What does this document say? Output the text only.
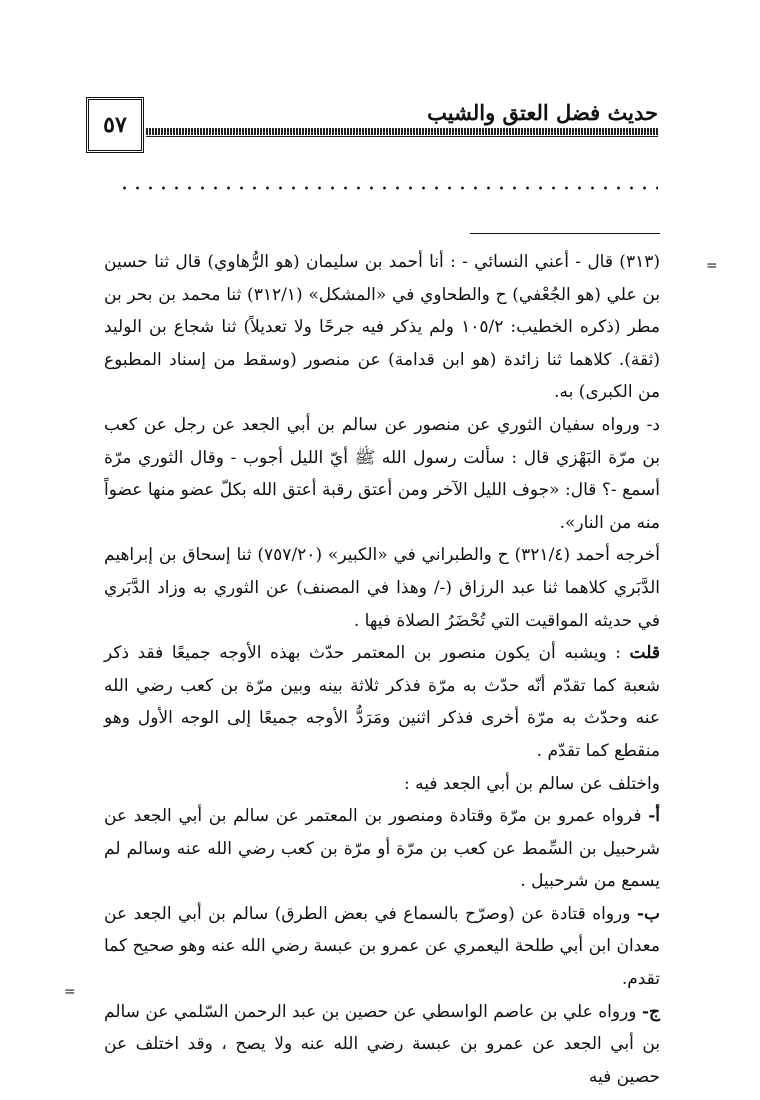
حديث فضل العتق والشيب
٥٧
=
=

(٣١٣) قال - أعني النسائي - : أنا أحمد بن سليمان (هو الرُّهاوي) قال ثنا حسين بن علي (هو الجُعْفي) ح والطحاوي في «المشكل» (٣١٢/١) ثنا محمد بن بحر بن مطر (ذكره الخطيب: ١٠٥/٢ ولم يذكر فيه جرحًا ولا تعديلاً) ثنا شجاع بن الوليد (ثقة). كلاهما ثنا زائدة (هو ابن قدامة) عن منصور (وسقط من إسناد المطبوع من الكبرى) به.

د- ورواه سفيان الثوري عن منصور عن سالم بن أبي الجعد عن رجل عن كعب بن مرّة البَهْزي قال : سألت رسول الله ﷺ أيّ الليل أجوب - وقال الثوري مرّة أسمع -؟ قال: «جوف الليل الآخر ومن أعتق رقبة أعتق الله بكلّ عضو منها عضواً منه من النار».

أخرجه أحمد (٣٢١/٤) ح والطبراني في «الكبير» (٧٥٧/٢٠) ثنا إسحاق بن إبراهيم الدَّبَري كلاهما ثنا عبد الرزاق (-/ وهذا في المصنف) عن الثوري به وزاد الدَّبَري في حديثه المواقيت التي تُحْضَرُ الصلاة فيها .

قلت : ويشبه أن يكون منصور بن المعتمر حدّث بهذه الأوجه جميعًا فقد ذكر شعبة كما تقدّم أنّه حدّث به مرّة فذكر ثلاثة بينه وبين مرّة بن كعب رضي الله عنه وحدّث به مرّة أخرى فذكر اثنين ومَرَدُّ الأوجه جميعًا إلى الوجه الأول وهو منقطع كما تقدّم .

واختلف عن سالم بن أبي الجعد فيه :

أ- فرواه عمرو بن مرّة وقتادة ومنصور بن المعتمر عن سالم بن أبي الجعد عن شرحبيل بن السِّمط عن كعب بن مرّة أو مرّة بن كعب رضي الله عنه وسالم لم يسمع من شرحبيل .

ب- ورواه قتادة عن (وصرّح بالسماع في بعض الطرق) سالم بن أبي الجعد عن معدان ابن أبي طلحة اليعمري عن عمرو بن عبسة رضي الله عنه وهو صحيح كما تقدم.

ج- ورواه علي بن عاصم الواسطي عن حصين بن عبد الرحمن السّلمي عن سالم بن أبي الجعد عن عمرو بن عبسة رضي الله عنه ولا يصح ، وقد اختلف عن حصين فيه
